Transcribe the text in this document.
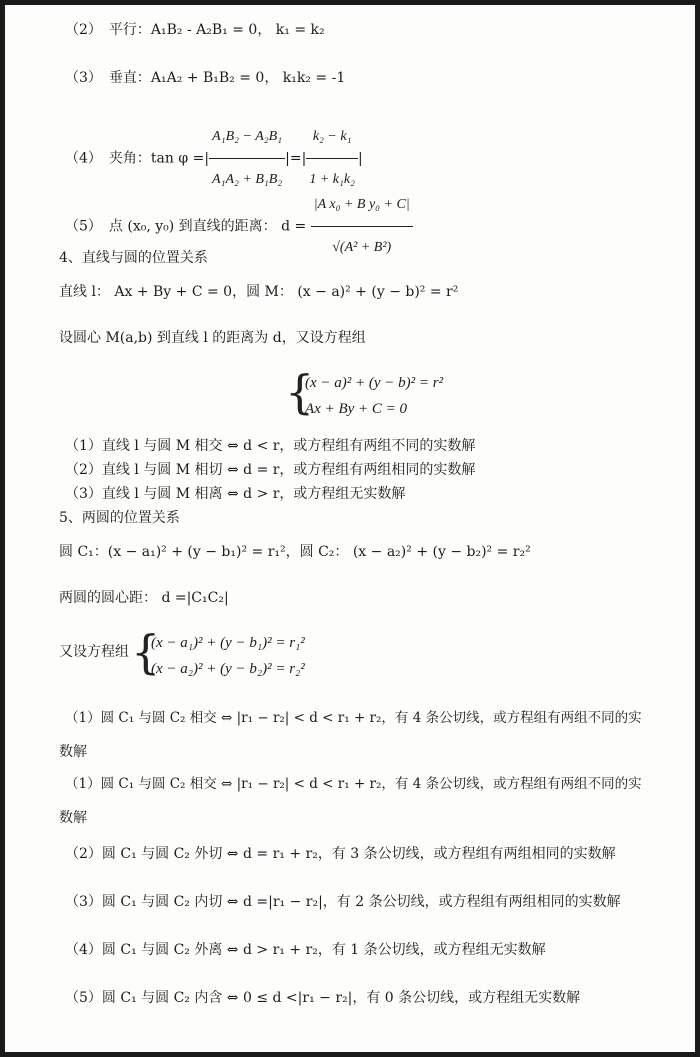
（2）　平行：A₁B₂ - A₂B₁ = 0， k₁ = k₂
（3）　垂直：A₁A₂ + B₁B₂ = 0， k₁k₂ = -1
（4）　夹角：tan φ =| $\frac{\text{A₁B₂ − A₂B₁}}{\text{A₁A₂ + B₁B₂}}$ |=| $\frac{\text{k₂ − k₁}}{\text{1 + k₁k₂}}$ |
（5）　点 (x₀, y₀) 到直线的距离： $d = \frac{\text{|A x₀ + B y₀ + C|}}{\text{√(A² + B²)}}$
4、直线与圆的位置关系
直线 l： Ax + By + C = 0，圆 M： (x − a)² + (y − b)² = r²
设圆心 M(a,b) 到直线 l 的距离为 d，又设方程组
{
(x − a)² + (y − b)² = r²
Ax + By + C = 0
（1）直线 l 与圆 M 相交 ⇔ d < r，或方程组有两组不同的实数解
（2）直线 l 与圆 M 相切 ⇔ d = r，或方程组有两组相同的实数解
（3）直线 l 与圆 M 相离 ⇔ d > r，或方程组无实数解
5、两圆的位置关系
圆 C₁：(x − a₁)² + (y − b₁)² = r₁²，圆 C₂： (x − a₂)² + (y − b₂)² = r₂²
两圆的圆心距： d =|C₁C₂|
又设方程组 {
(x − a₁)² + (y − b₁)² = r₁²
(x − a₂)² + (y − b₂)² = r₂²
（1）圆 C₁ 与圆 C₂ 相交 ⇔ |r₁ − r₂| < d < r₁ + r₂，有 4 条公切线，或方程组有两组不同的实
数解
（1）圆 C₁ 与圆 C₂ 相交 ⇔ |r₁ − r₂| < d < r₁ + r₂，有 4 条公切线，或方程组有两组不同的实
数解
（2）圆 C₁ 与圆 C₂ 外切 ⇔ d = r₁ + r₂，有 3 条公切线，或方程组有两组相同的实数解
（3）圆 C₁ 与圆 C₂ 内切 ⇔ d =|r₁ − r₂|，有 2 条公切线，或方程组有两组相同的实数解
（4）圆 C₁ 与圆 C₂ 外离 ⇔ d > r₁ + r₂，有 1 条公切线，或方程组无实数解
（5）圆 C₁ 与圆 C₂ 内含 ⇔ 0 ≤ d <|r₁ − r₂|，有 0 条公切线，或方程组无实数解
